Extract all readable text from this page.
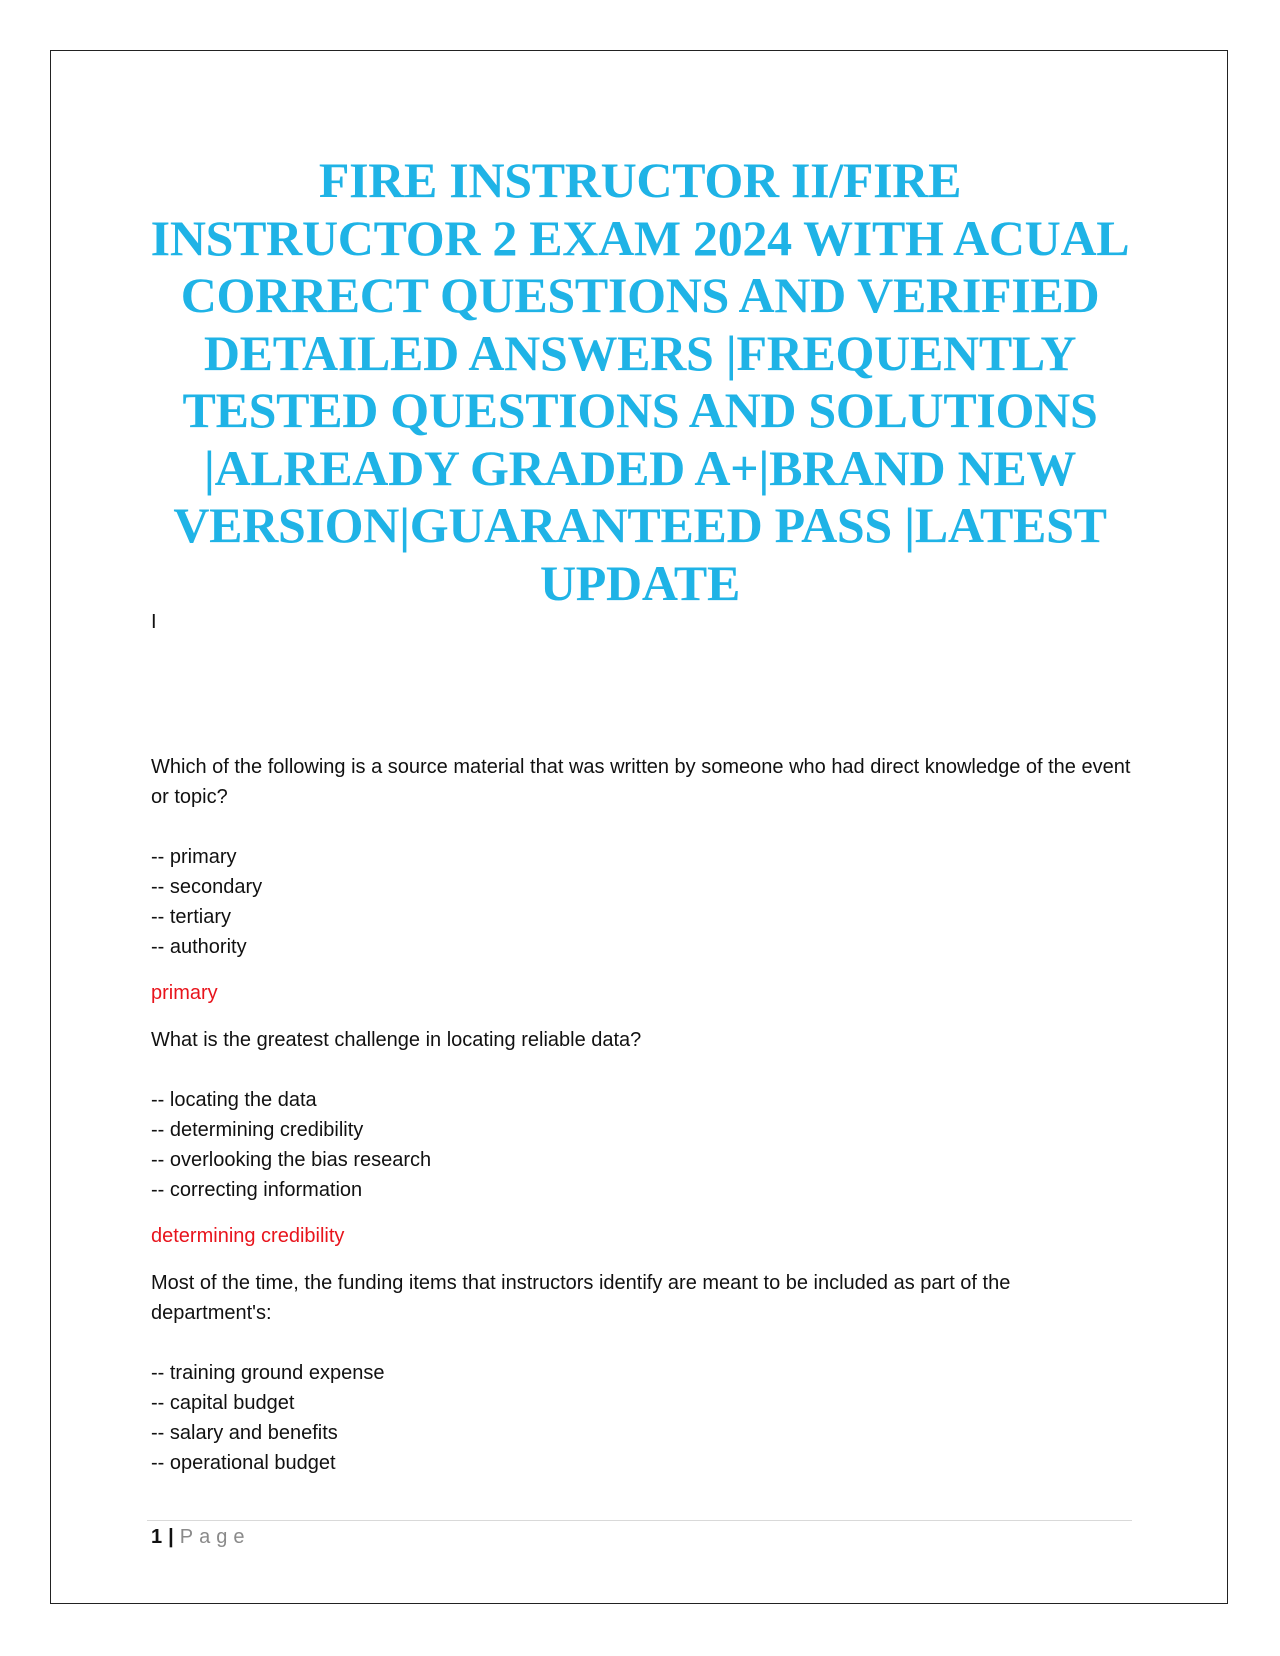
FIRE INSTRUCTOR II/FIRE INSTRUCTOR 2 EXAM 2024 WITH ACUAL CORRECT QUESTIONS AND VERIFIED DETAILED ANSWERS |FREQUENTLY TESTED QUESTIONS AND SOLUTIONS |ALREADY GRADED A+|BRAND NEW VERSION|GUARANTEED PASS |LATEST UPDATE
I

Which of the following is a source material that was written by someone who had direct knowledge of the event or topic?

-- primary
-- secondary
-- tertiary
-- authority

primary

What is the greatest challenge in locating reliable data?

-- locating the data
-- determining credibility
-- overlooking the bias research
-- correcting information

determining credibility

Most of the time, the funding items that instructors identify are meant to be included as part of the department's:

-- training ground expense
-- capital budget
-- salary and benefits
-- operational budget
1 | Page
